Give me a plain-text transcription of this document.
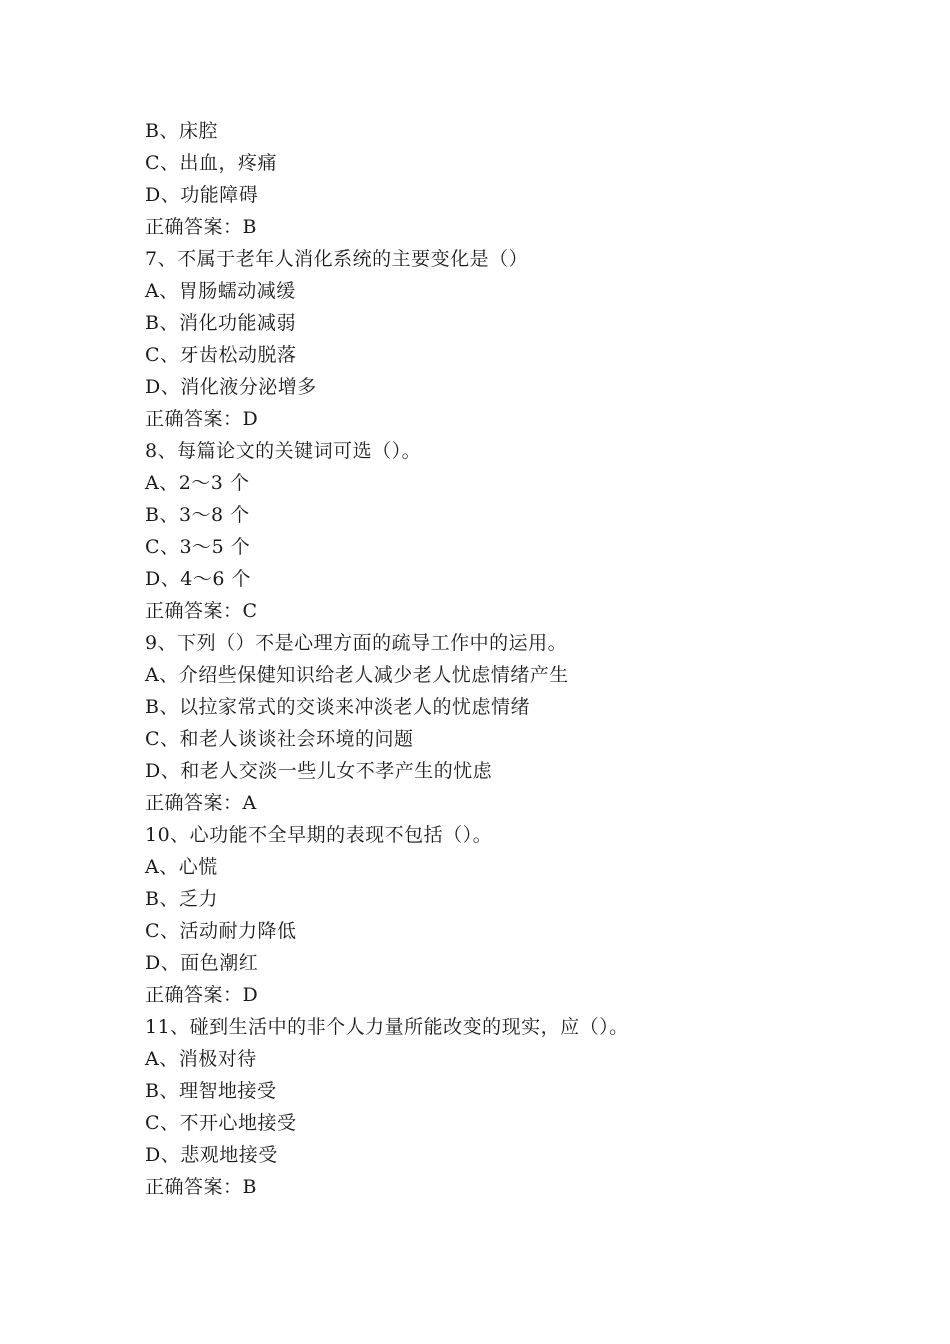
B、床腔
C、出血，疼痛
D、功能障碍
正确答案：B
7、不属于老年人消化系统的主要变化是（）
A、胃肠蠕动减缓
B、消化功能减弱
C、牙齿松动脱落
D、消化液分泌增多
正确答案：D
8、每篇论文的关键词可选（）。
A、2～3 个
B、3～8 个
C、3～5 个
D、4～6 个
正确答案：C
9、下列（）不是心理方面的疏导工作中的运用。
A、介绍些保健知识给老人减少老人忧虑情绪产生
B、以拉家常式的交谈来冲淡老人的忧虑情绪
C、和老人谈谈社会环境的问题
D、和老人交淡一些儿女不孝产生的忧虑
正确答案：A
10、心功能不全早期的表现不包括（）。
A、心慌
B、乏力
C、活动耐力降低
D、面色潮红
正确答案：D
11、碰到生活中的非个人力量所能改变的现实，应（）。
A、消极对待
B、理智地接受
C、不开心地接受
D、悲观地接受
正确答案：B
